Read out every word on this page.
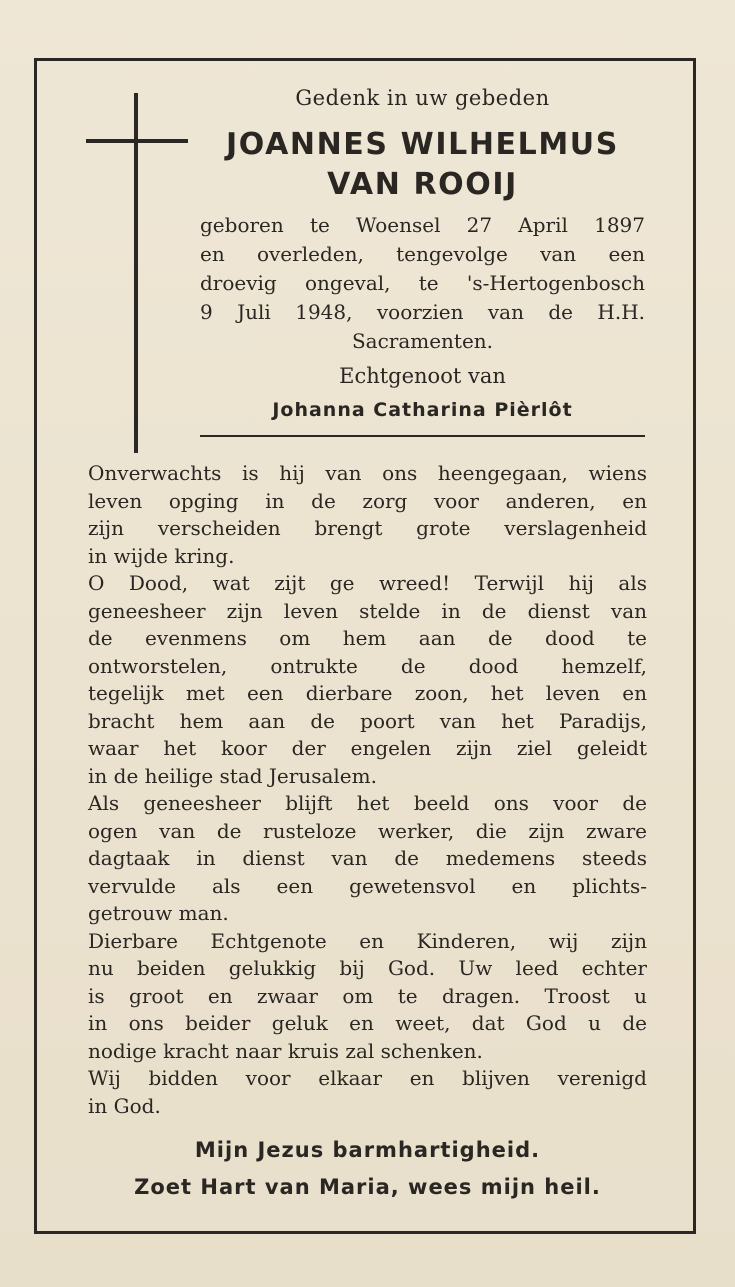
Gedenk in uw gebeden
JOANNES WILHELMUS
VAN ROOIJ
geboren te Woensel 27 April 1897
en overleden, tengevolge van een
droevig ongeval, te 's-Hertogenbosch
9 Juli 1948, voorzien van de H.H.
Sacramenten.
Echtgenoot van
Johanna Catharina Pièrlôt
Onverwachts is hij van ons heengegaan, wiens
leven opging in de zorg voor anderen, en
zijn verscheiden brengt grote verslagenheid
in wijde kring.
O Dood, wat zijt ge wreed! Terwijl hij als
geneesheer zijn leven stelde in de dienst van
de evenmens om hem aan de dood te
ontworstelen, ontrukte de dood hemzelf,
tegelijk met een dierbare zoon, het leven en
bracht hem aan de poort van het Paradijs,
waar het koor der engelen zijn ziel geleidt
in de heilige stad Jerusalem.
Als geneesheer blijft het beeld ons voor de
ogen van de rusteloze werker, die zijn zware
dagtaak in dienst van de medemens steeds
vervulde als een gewetensvol en plichts-
getrouw man.
Dierbare Echtgenote en Kinderen, wij zijn
nu beiden gelukkig bij God. Uw leed echter
is groot en zwaar om te dragen. Troost u
in ons beider geluk en weet, dat God u de
nodige kracht naar kruis zal schenken.
Wij bidden voor elkaar en blijven verenigd
in God.
Mijn Jezus barmhartigheid.
Zoet Hart van Maria, wees mijn heil.
